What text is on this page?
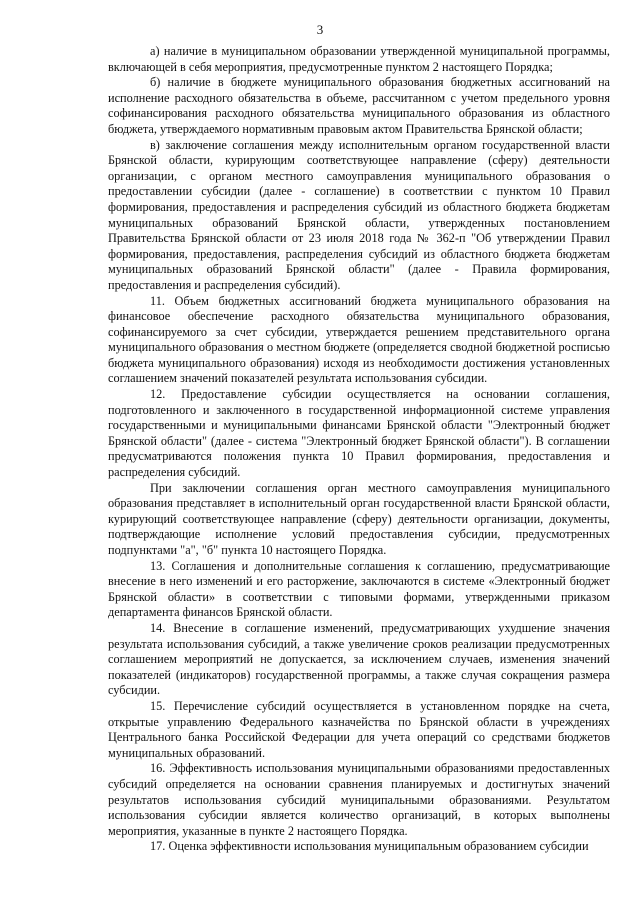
3

а) наличие в муниципальном образовании утвержденной муниципальной программы, включающей в себя мероприятия, предусмотренные пунктом 2 настоящего Порядка;

б) наличие в бюджете муниципального образования бюджетных ассигнований на исполнение расходного обязательства в объеме, рассчитанном с учетом предельного уровня софинансирования расходного обязательства муниципального образования из областного бюджета, утверждаемого нормативным правовым актом Правительства Брянской области;

в) заключение соглашения между исполнительным органом государственной власти Брянской области, курирующим соответствующее направление (сферу) деятельности организации, с органом местного самоуправления муниципального образования о предоставлении субсидии (далее - соглашение) в соответствии с пунктом 10 Правил формирования, предоставления и распределения субсидий из областного бюджета бюджетам муниципальных образований Брянской области, утвержденных постановлением Правительства Брянской области от 23 июля 2018 года № 362-п "Об утверждении Правил формирования, предоставления, распределения субсидий из областного бюджета бюджетам муниципальных образований Брянской области" (далее - Правила формирования, предоставления и распределения субсидий).

11. Объем бюджетных ассигнований бюджета муниципального образования на финансовое обеспечение расходного обязательства муниципального образования, софинансируемого за счет субсидии, утверждается решением представительного органа муниципального образования о местном бюджете (определяется сводной бюджетной росписью бюджета муниципального образования) исходя из необходимости достижения установленных соглашением значений показателей результата использования субсидии.

12. Предоставление субсидии осуществляется на основании соглашения, подготовленного и заключенного в государственной информационной системе управления государственными и муниципальными финансами Брянской области "Электронный бюджет Брянской области" (далее - система "Электронный бюджет Брянской области"). В соглашении предусматриваются положения пункта 10 Правил формирования, предоставления и распределения субсидий.

При заключении соглашения орган местного самоуправления муниципального образования представляет в исполнительный орган государственной власти Брянской области, курирующий соответствующее направление (сферу) деятельности организации, документы, подтверждающие исполнение условий предоставления субсидии, предусмотренных подпунктами "а", "б" пункта 10 настоящего Порядка.

13. Соглашения и дополнительные соглашения к соглашению, предусматривающие внесение в него изменений и его расторжение, заключаются в системе «Электронный бюджет Брянской области» в соответствии с типовыми формами, утвержденными приказом департамента финансов Брянской области.

14. Внесение в соглашение изменений, предусматривающих ухудшение значения результата использования субсидий, а также увеличение сроков реализации предусмотренных соглашением мероприятий не допускается, за исключением случаев, изменения значений показателей (индикаторов) государственной программы, а также случая сокращения размера субсидии.

15. Перечисление субсидий осуществляется в установленном порядке на счета, открытые управлению Федерального казначейства по Брянской области в учреждениях Центрального банка Российской Федерации для учета операций со средствами бюджетов муниципальных образований.

16. Эффективность использования муниципальными образованиями предоставленных субсидий определяется на основании сравнения планируемых и достигнутых значений результатов использования субсидий муниципальными образованиями. Результатом использования субсидии является количество организаций, в которых выполнены мероприятия, указанные в пункте 2 настоящего Порядка.

17. Оценка эффективности использования муниципальным образованием субсидии
